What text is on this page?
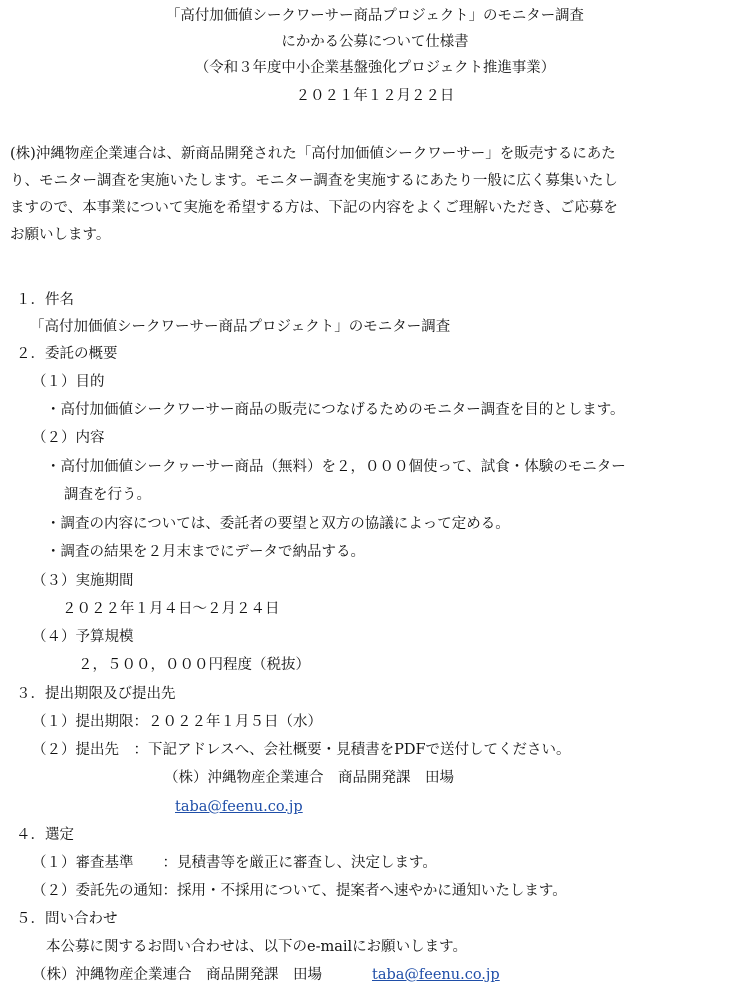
「高付加価値シークワーサー商品プロジェクト」のモニター調査
にかかる公募について仕様書
（令和３年度中小企業基盤強化プロジェクト推進事業）
２０２１年１２月２２日
(株)沖縄物産企業連合は、新商品開発された「高付加価値シークワーサー」を販売するにあた
り、モニター調査を実施いたします。モニター調査を実施するにあたり一般に広く募集いたし
ますので、本事業について実施を希望する方は、下記の内容をよくご理解いただき、ご応募を
お願いします。
１．件名
「高付加価値シークワーサー商品プロジェクト」のモニター調査
２．委託の概要
（１）目的
・高付加価値シークワーサー商品の販売につなげるためのモニター調査を目的とします。
（２）内容
・高付加価値シークヮーサー商品（無料）を２，０００個使って、試食・体験のモニター
調査を行う。
・調査の内容については、委託者の要望と双方の協議によって定める。
・調査の結果を２月末までにデータで納品する。
（３）実施期間
２０２２年１月４日～２月２４日
（４）予算規模
２，５００，０００円程度（税抜）
３．提出期限及び提出先
（１）提出期限：２０２２年１月５日（水）
（２）提出先　：下記アドレスへ、会社概要・見積書をPDFで送付してください。
（株）沖縄物産企業連合　商品開発課　田場
taba@feenu.co.jp
４．選定
（１）審査基準　　：見積書等を厳正に審査し、決定します。
（２）委託先の通知：採用・不採用について、提案者へ速やかに通知いたします。
５．問い合わせ
本公募に関するお問い合わせは、以下のe-mailにお願いします。
（株）沖縄物産企業連合　商品開発課　田場	taba@feenu.co.jp
